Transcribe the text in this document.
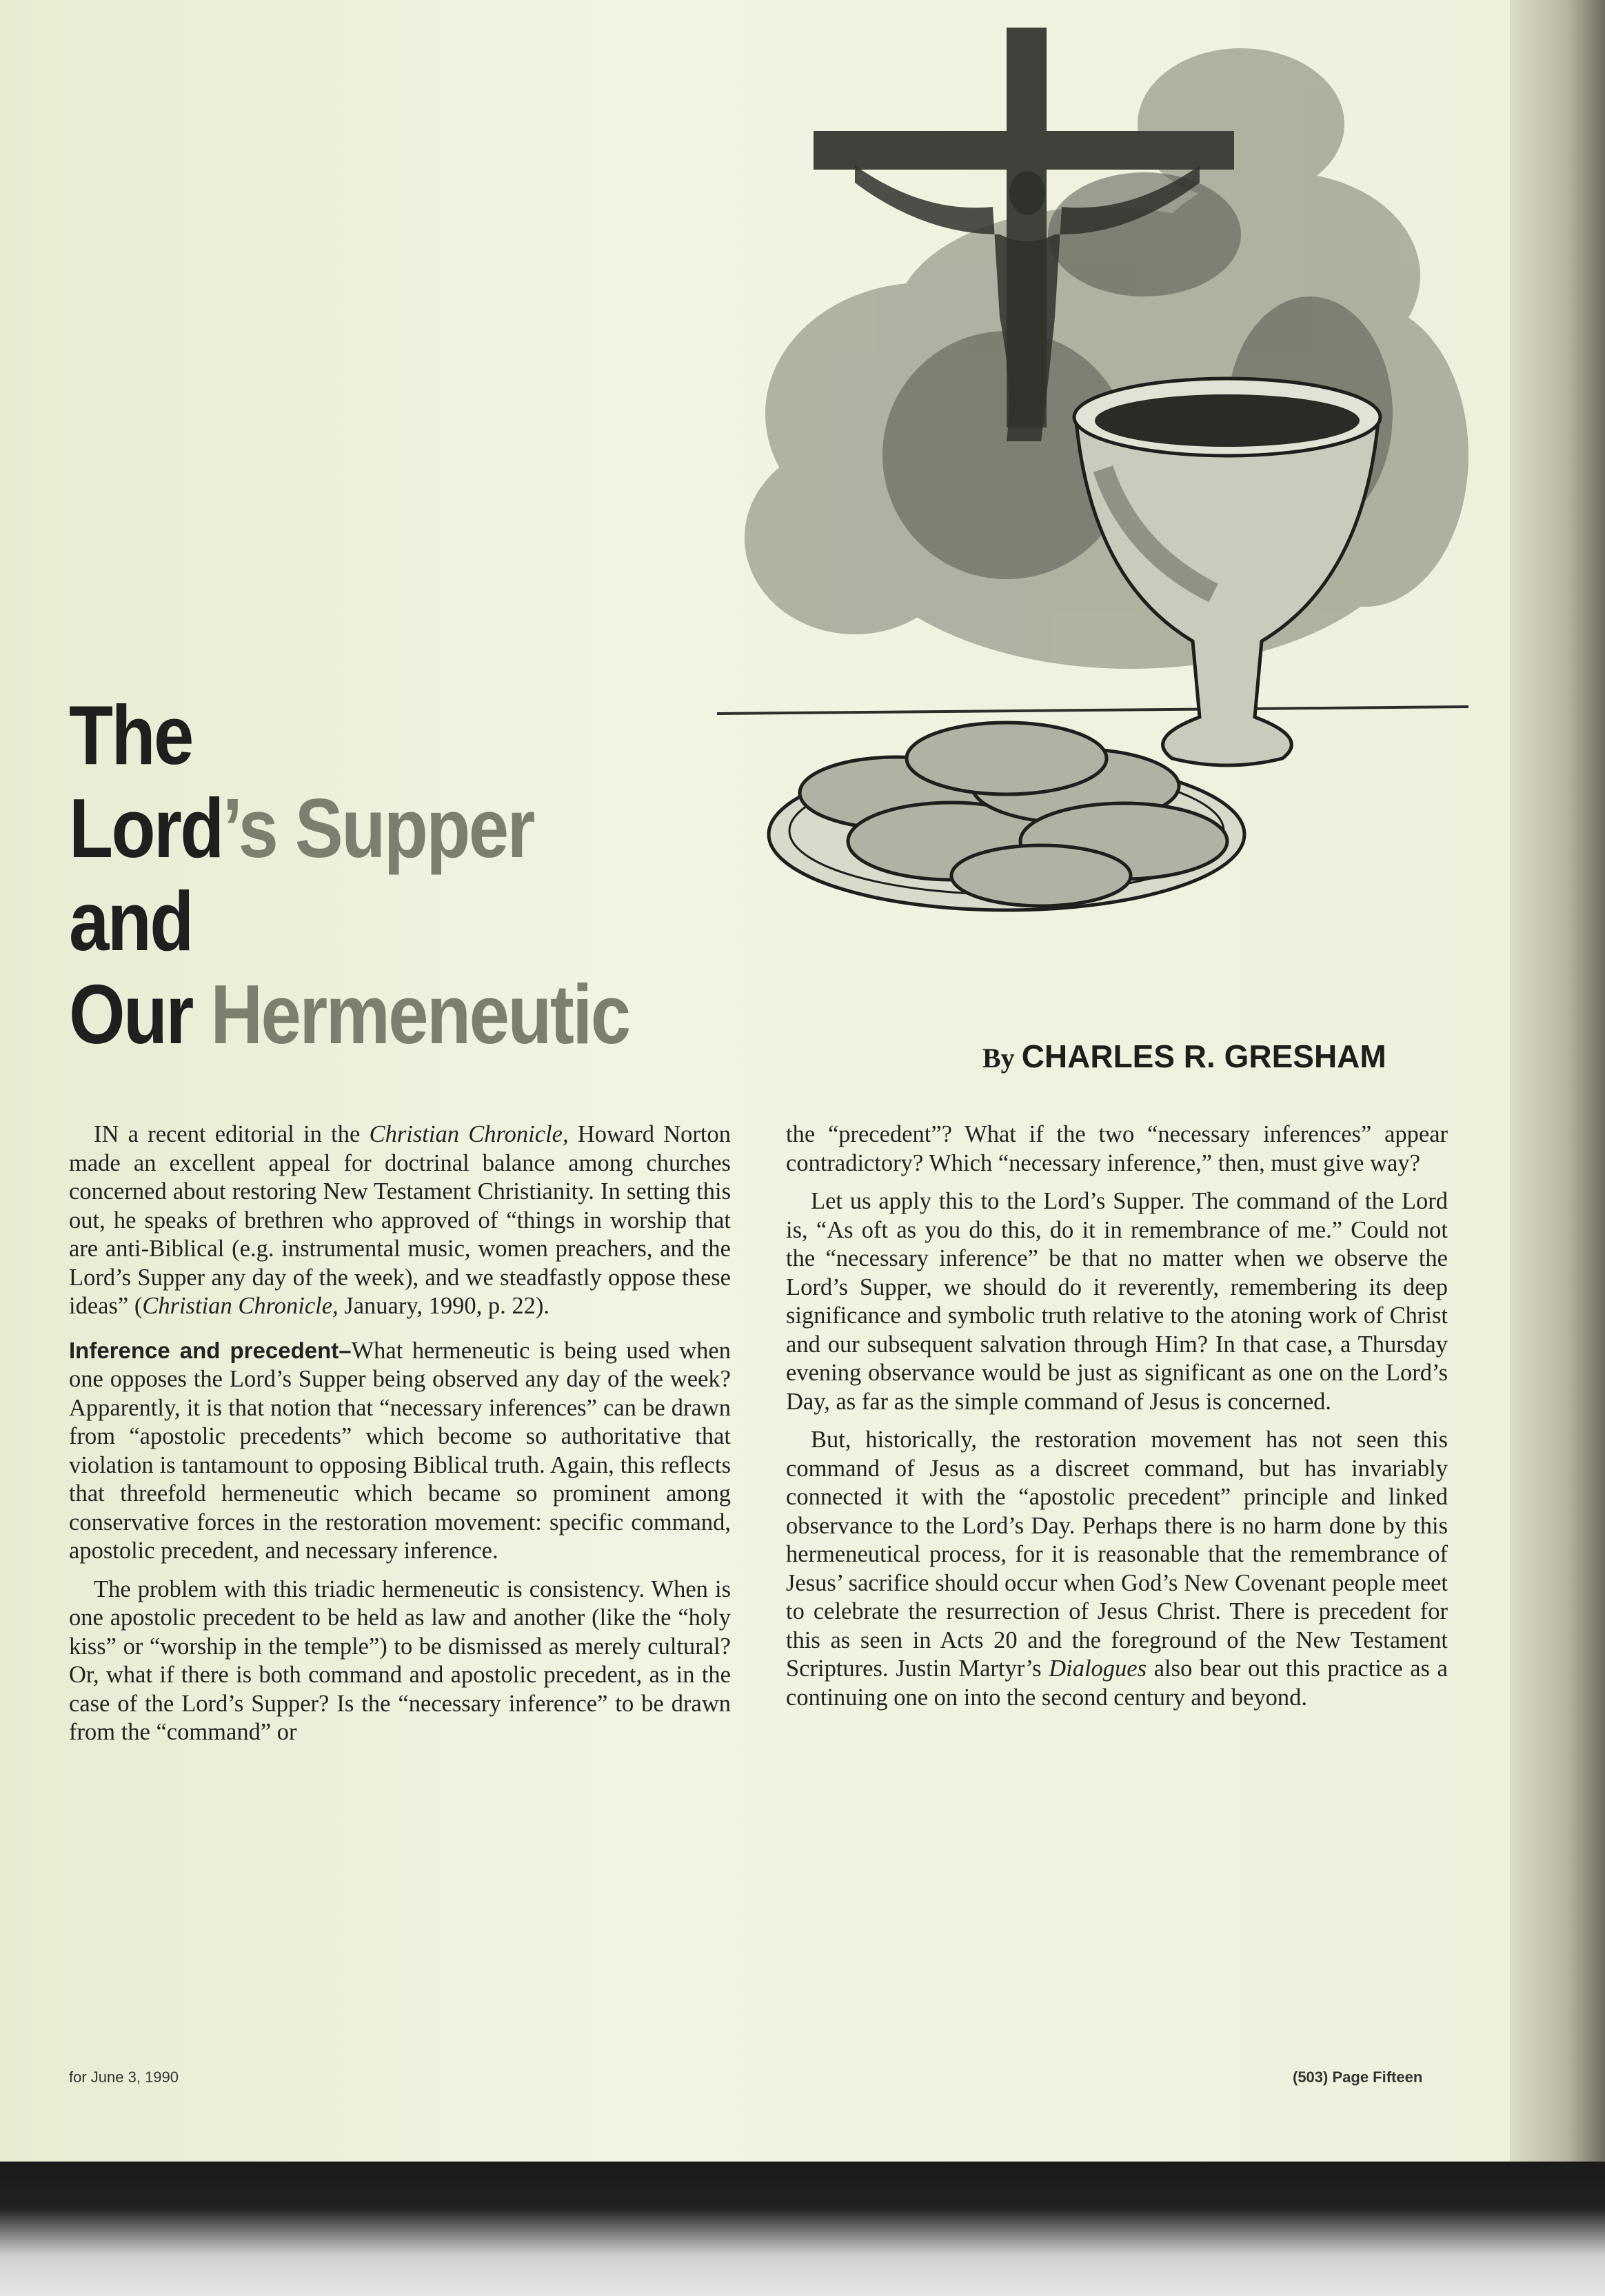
The
Lord’s Supper
and
Our Hermeneutic	By CHARLES R. GRESHAM

IN a recent editorial in the Christian Chronicle, Howard Norton made an excellent appeal for doctrinal balance among churches concerned about restoring New Testament Christianity. In setting this out, he speaks of brethren who approved of “things in worship that are anti-Biblical (e.g. instrumental music, women preachers, and the Lord’s Supper any day of the week), and we steadfastly oppose these ideas” (Christian Chronicle, January, 1990, p. 22).

Inference and precedent–What hermeneutic is being used when one opposes the Lord’s Supper being observed any day of the week? Apparently, it is that notion that “necessary inferences” can be drawn from “apostolic precedents” which become so authoritative that violation is tantamount to opposing Biblical truth. Again, this reflects that threefold hermeneutic which became so prominent among conservative forces in the restoration movement: specific command, apostolic precedent, and necessary inference.

The problem with this triadic hermeneutic is consistency. When is one apostolic precedent to be held as law and another (like the “holy kiss” or “worship in the temple”) to be dismissed as merely cultural? Or, what if there is both command and apostolic precedent, as in the case of the Lord’s Supper? Is the “necessary inference” to be drawn from the “command” or

the “precedent”? What if the two “necessary inferences” appear contradictory? Which “necessary inference,” then, must give way?

Let us apply this to the Lord’s Supper. The command of the Lord is, “As oft as you do this, do it in remembrance of me.” Could not the “necessary inference” be that no matter when we observe the Lord’s Supper, we should do it reverently, remembering its deep significance and symbolic truth relative to the atoning work of Christ and our subsequent salvation through Him? In that case, a Thursday evening observance would be just as significant as one on the Lord’s Day, as far as the simple command of Jesus is concerned.

But, historically, the restoration movement has not seen this command of Jesus as a discreet command, but has invariably connected it with the “apostolic precedent” principle and linked observance to the Lord’s Day. Perhaps there is no harm done by this hermeneutical process, for it is reasonable that the remembrance of Jesus’ sacrifice should occur when God’s New Covenant people meet to celebrate the resurrection of Jesus Christ. There is precedent for this as seen in Acts 20 and the foreground of the New Testament Scriptures. Justin Martyr’s Dialogues also bear out this practice as a continuing one on into the second century and beyond.

for June 3, 1990	(503) Page Fifteen
